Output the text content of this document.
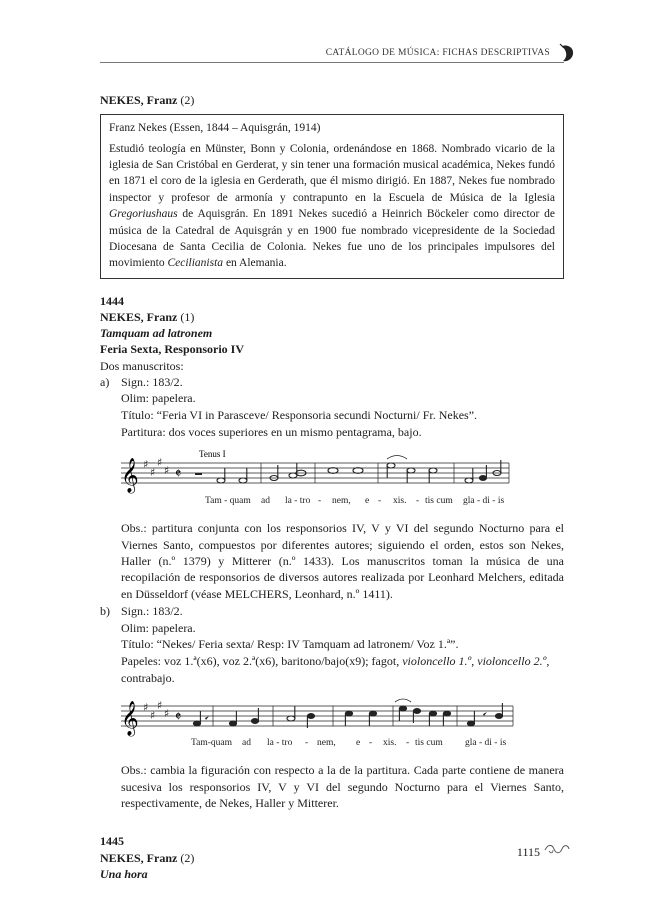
CATÁLOGO DE MÚSICA: FICHAS DESCRIPTIVAS
NEKES, Franz (2)

Franz Nekes (Essen, 1844 – Aquisgrán, 1914)

Estudió teología en Münster, Bonn y Colonia, ordenándose en 1868. Nombrado vicario de la iglesia de San Cristóbal en Gerderat, y sin tener una formación musical académica, Nekes fundó en 1871 el coro de la iglesia en Gerderath, que él mismo dirigió. En 1887, Nekes fue nombrado inspector y profesor de armonía y contrapunto en la Escuela de Música de la Iglesia Gregoriushaus de Aquisgrán. En 1891 Nekes sucedió a Heinrich Böckeler como director de música de la Catedral de Aquisgrán y en 1900 fue nombrado vicepresidente de la Sociedad Diocesana de Santa Cecilia de Colonia. Nekes fue uno de los principales impulsores del movimiento Cecilianista en Alemania.

1444
NEKES, Franz (1)
Tamquam ad latronem
Feria Sexta, Responsorio IV
Dos manuscritos:
a) Sign.: 183/2.
Olim: papelera.
Título: “Feria VI in Parasceve/ Responsoria secundi Nocturni/ Fr. Nekes”.
Partitura: dos voces superiores en un mismo pentagrama, bajo.
Tenus I
𝄞 ♯
♯
♯
♯ 𝄵
Tam - quam ad la - tro - nem, e - xis. - tis cum gla - di - is
Obs.: partitura conjunta con los responsorios IV, V y VI del segundo Nocturno para el Viernes Santo, compuestos por diferentes autores; siguiendo el orden, estos son Nekes, Haller (n.º 1379) y Mitterer (n.º 1433). Los manuscritos toman la música de una recopilación de responsorios de diversos autores realizada por Leonhard Melchers, editada en Düsseldorf (véase MELCHERS, Leonhard, n.º 1411).
b) Sign.: 183/2.
Olim: papelera.
Título: “Nekes/ Feria sexta/ Resp: IV Tamquam ad latronem/ Voz 1.ª”.
Papeles: voz 1.ª(x6), voz 2.ª(x6), baritono/bajo(x9); fagot, violoncello 1.º, violoncello 2.º, contrabajo.
𝄞 ♯
♯
♯
♯ 𝄵
Tam-quam ad la - tro - nem, e - xis. - tis cum gla - di - is
Obs.: cambia la figuración con respecto a la de la partitura. Cada parte contiene de manera sucesiva los responsorios IV, V y VI del segundo Nocturno para el Viernes Santo, respectivamente, de Nekes, Haller y Mitterer.
1445
NEKES, Franz (2)
Una hora
1115
